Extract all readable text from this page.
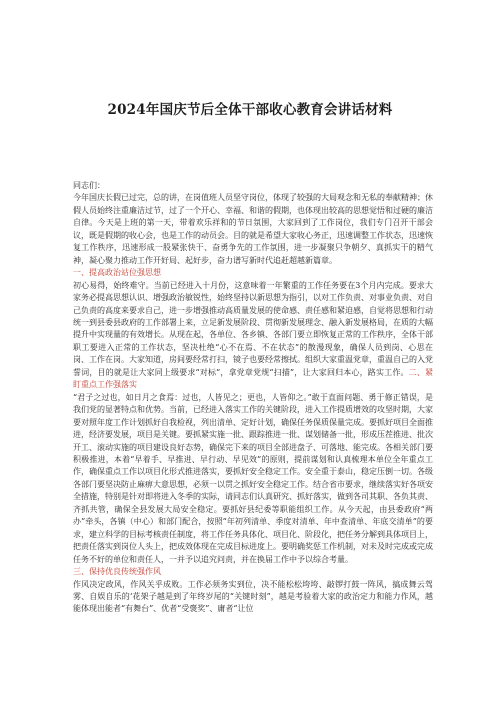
2024年国庆节后全体干部收心教育会讲话材料

同志们：

今年国庆长假已过完，总的讲，在岗值班人员坚守岗位，体现了较强的大局观念和无私的奉献精神；休假人员始终注重廉洁过节，过了一个开心、幸福、和谐的假期，也体现出较高的思想觉悟和过硬的廉洁自律。今天是上班的第一天，带着欢乐祥和的节日氛围，大家回到了工作岗位，我们专门召开干部会议，既是假期的收心会，也是工作的动员会。目的就是希望大家收心务正，迅速调整工作状态，迅速恢复工作秩序，迅速形成一股紧张快干、奋勇争先的工作氛围，进一步凝聚只争朝夕、真抓实干的精气神，凝心聚力推动工作开好局、起好步，奋力谱写新时代追赶超越新篇章。

一、提高政治站位强思想

初心易得，始终难守。当前已经进入十月份，这意味着一年繁重的工作任务要在3个月内完成。要求大家务必提高思想认识、增强政治敏锐性，始终坚持以新思想为指引，以对工作负责、对事业负责、对自己负责的高度来要求自己，进一步增强推动高质量发展的使命感、责任感和紧迫感，自觉将思想和行动统一到县委县政府的工作部署上来，立足新发展阶段、贯彻新发展理念、融入新发展格局，在质的大幅提升中实现量的有效增长。从现在起，各单位、各乡镇、各部门要立即恢复正常的工作秩序，全体干部职工要进入正常的工作状态，坚决杜绝“心不在焉、不在状态”的散漫现象，确保人员到岗、心思在岗、工作在岗。大家知道，房间要经常打扫，镜子也要经常擦拭。组织大家重温党章，重温自己的入党誓词，目的就是让大家同上级要求“对标”，拿党章党规“扫描”，让大家回归本心，路实工作。二、紧盯重点工作强落实

“君子之过也，如日月之食焉：过也，人皆见之；更也，人皆仰之。”敢于直面问题、勇于修正错误，是我们党的显著特点和优势。当前，已经进入落实工作的关键阶段，进入工作提质增效的攻坚时期，大家要对照年度工作计划抓好自我检视，列出清单、定好计划，确保任务保质保量完成。要抓好项目全面推进，经济要发展，项目是关键。要抓紧实施一批、跟踪推进一批、谋划储备一批，形成压茬推进、批次开工、滚动实施的项目建设良好态势，确保完下来的项目全部进盘子、可落地、能完成。各相关部门要积极推进，本着“早着手、早推进、早行动、早见效”的原则，提前谋划和认真梳理本单位全年重点工作，确保重点工作以项目化形式推进落实，要抓好安全稳定工作。安全重于泰山，稳定压倒一切。各级各部门要坚决防止麻痹大意思想，必须一以贯之抓好安全稳定工作。结合省市要求，继续落实好各项安全措施，特别是针对即将进入冬季的实际，请同志们认真研究、抓好落实，做到各司其职、各负其责、齐抓共管，确保全县发展大局安全稳定。要抓好县纪委等职能组织工作。从今天起，由县委政府“两办”牵头，各镇（中心）和部门配合，按照“年初列清单、季度对清单、年中查清单、年底交清单”的要求，建立科学的目标考核责任制度，将工作任务具体化、项目化、阶段化，把任务分解到具体项目上，把责任落实到岗位人头上，把成效体现在完成目标进度上。要明确奖惩工作机制，对未及时完成或完成任务不好的单位和责任人，一并予以追究问责，并在换届工作中予以综合考量。

三、保持优良传统强作风

作风决定政风，作风关乎成败。工作必须务实到位，决不能松松垮垮、敲锣打鼓一阵风，搞成舞云驾雾、自娱自乐的‘花架子越是到了年终岁尾的“关键时刻”，越是考验着大家的政治定力和能力作风，越能体现出能者“有舞台”、优者“受褒奖”、庸者“让位
